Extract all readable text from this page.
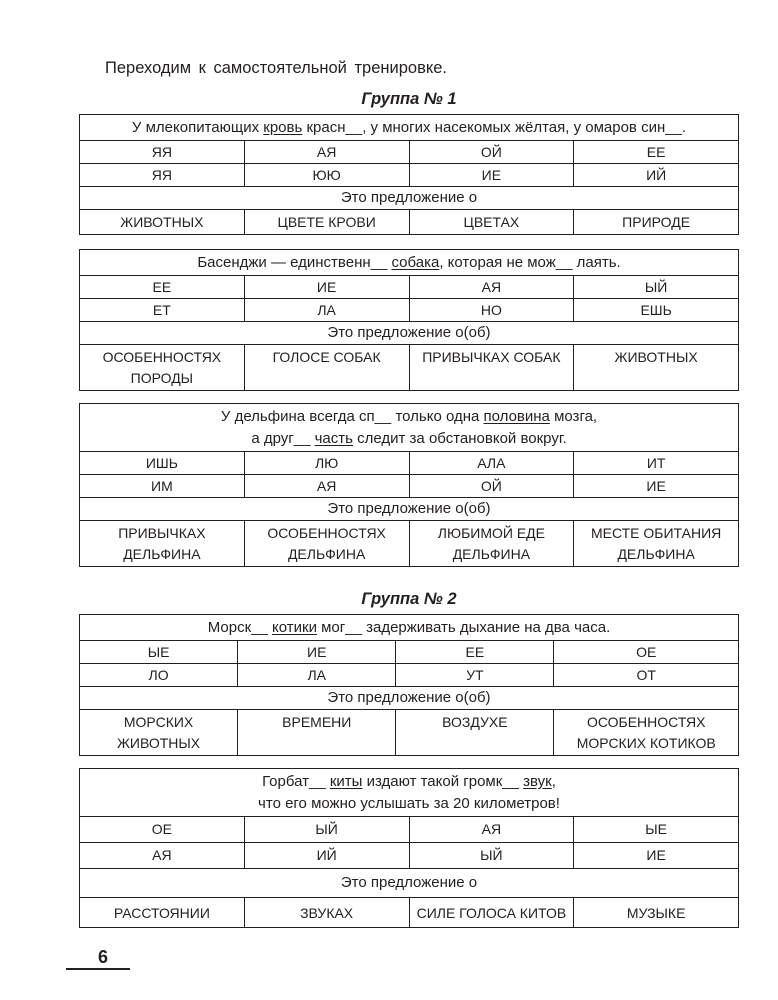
Переходим к самостоятельной тренировке.
Группа № 1
У млекопитающих кровь красн__, у многих насекомых жёлтая, у омаров син__.			
ЯЯ	АЯ	ОЙ	ЕЕ
ЯЯ	ЮЮ	ИЕ	ИЙ
Это предложение о			
ЖИВОТНЫХ	ЦВЕТЕ КРОВИ	ЦВЕТАХ	ПРИРОДЕ
Басенджи — единственн__ собака, которая не мож__ лаять.			
ЕЕ	ИЕ	АЯ	ЫЙ
ЕТ	ЛА	НО	ЕШЬ
Это предложение о(об)			
ОСОБЕННОСТЯХ ПОРОДЫ	ГОЛОСЕ СОБАК	ПРИВЫЧКАХ СОБАК	ЖИВОТНЫХ
У дельфина всегда сп__ только одна половина мозга,
а друг__ часть следит за обстановкой вокруг.			
ИШЬ	ЛЮ	АЛА	ИТ
ИМ	АЯ	ОЙ	ИЕ
Это предложение о(об)			
ПРИВЫЧКАХ ДЕЛЬФИНА	ОСОБЕННОСТЯХ ДЕЛЬФИНА	ЛЮБИМОЙ ЕДЕ ДЕЛЬФИНА	МЕСТЕ ОБИТАНИЯ ДЕЛЬФИНА
Группа № 2
Морск__ котики мог__ задерживать дыхание на два часа.			
ЫЕ	ИЕ	ЕЕ	ОЕ
ЛО	ЛА	УТ	ОТ
Это предложение о(об)			
МОРСКИХ ЖИВОТНЫХ	ВРЕМЕНИ	ВОЗДУХЕ	ОСОБЕННОСТЯХ МОРСКИХ КОТИКОВ
Горбат__ киты издают такой громк__ звук,
что его можно услышать за 20 километров!			
ОЕ	ЫЙ	АЯ	ЫЕ
АЯ	ИЙ	ЫЙ	ИЕ
Это предложение о			
РАССТОЯНИИ	ЗВУКАХ	СИЛЕ ГОЛОСА КИТОВ	МУЗЫКЕ
6
